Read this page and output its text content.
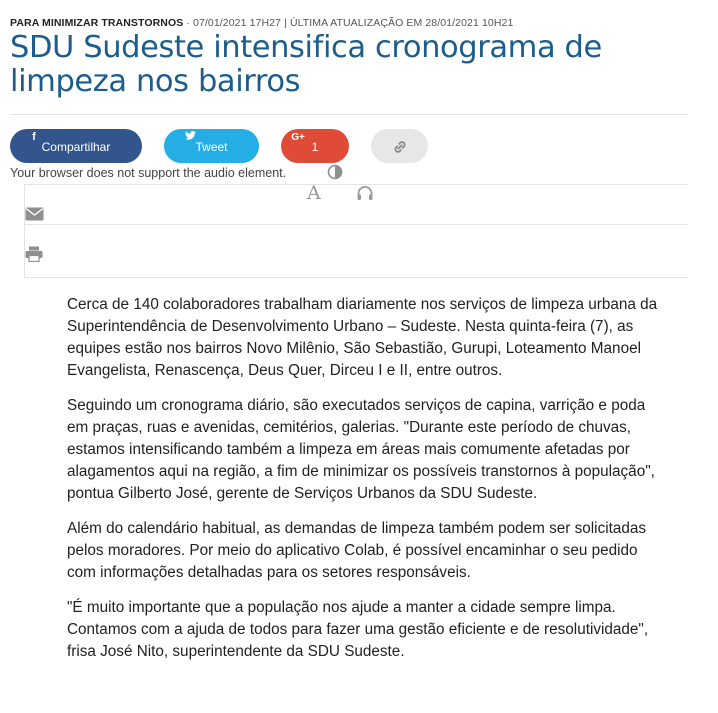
PARA MINIMIZAR TRANSTORNOS · 07/01/2021 17H27 | ÚLTIMA ATUALIZAÇÃO EM 28/01/2021 10H21
SDU Sudeste intensifica cronograma de limpeza nos bairros
f
Compartilhar	Tweet
G+
1
Your browser does not support the audio element.
A

Cerca de 140 colaboradores trabalham diariamente nos serviços de limpeza urbana da Superintendência de Desenvolvimento Urbano – Sudeste. Nesta quinta-feira (7), as equipes estão nos bairros Novo Milênio, São Sebastião, Gurupi, Loteamento Manoel Evangelista, Renascença, Deus Quer, Dirceu I e II, entre outros.

Seguindo um cronograma diário, são executados serviços de capina, varrição e poda em praças, ruas e avenidas, cemitérios, galerias. "Durante este período de chuvas, estamos intensificando também a limpeza em áreas mais comumente afetadas por alagamentos aqui na região, a fim de minimizar os possíveis transtornos à população", pontua Gilberto José, gerente de Serviços Urbanos da SDU Sudeste.

Além do calendário habitual, as demandas de limpeza também podem ser solicitadas pelos moradores. Por meio do aplicativo Colab, é possível encaminhar o seu pedido com informações detalhadas para os setores responsáveis.

"É muito importante que a população nos ajude a manter a cidade sempre limpa. Contamos com a ajuda de todos para fazer uma gestão eficiente e de resolutividade", frisa José Nito, superintendente da SDU Sudeste.
